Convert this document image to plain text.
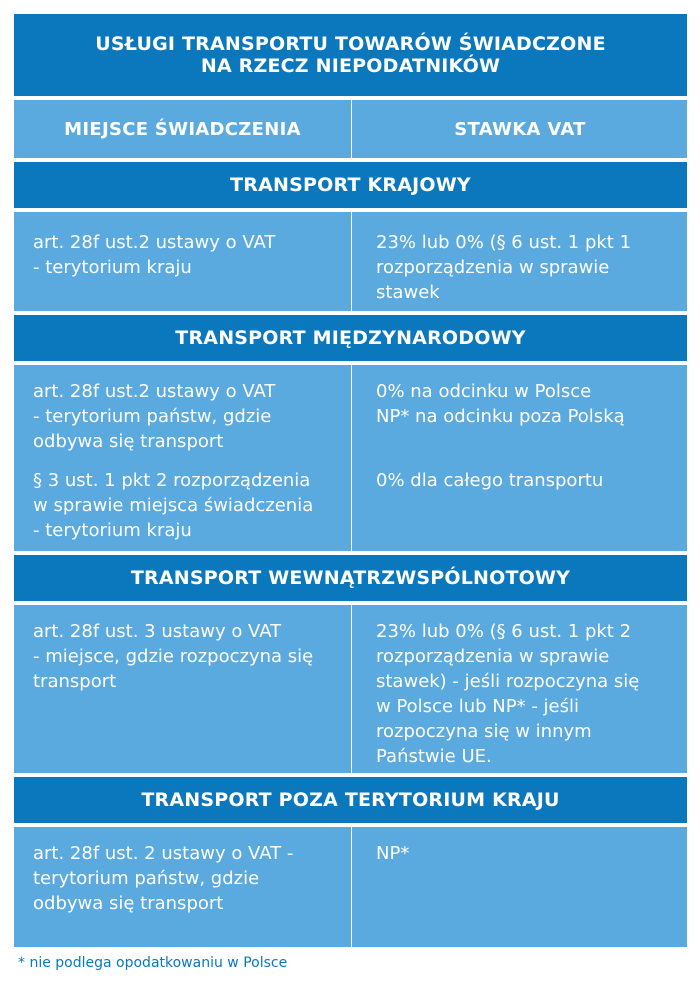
USŁUGI TRANSPORTU TOWARÓW ŚWIADCZONE
NA RZECZ NIEPODATNIKÓW
MIEJSCE ŚWIADCZENIA	STAWKA VAT
TRANSPORT KRAJOWY
art. 28f ust.2 ustawy o VAT
- terytorium kraju
23% lub 0% (§ 6 ust. 1 pkt 1
rozporządzenia w sprawie
stawek
TRANSPORT MIĘDZYNARODOWY
art. 28f ust.2 ustawy o VAT
- terytorium państw, gdzie
odbywa się transport
§ 3 ust. 1 pkt 2 rozporządzenia
w sprawie miejsca świadczenia
- terytorium kraju
0% na odcinku w Polsce
NP* na odcinku poza Polską
0% dla całego transportu
TRANSPORT WEWNĄTRZWSPÓLNOTOWY
art. 28f ust. 3 ustawy o VAT
- miejsce, gdzie rozpoczyna się
transport
23% lub 0% (§ 6 ust. 1 pkt 2
rozporządzenia w sprawie
stawek) - jeśli rozpoczyna się
w Polsce lub NP* - jeśli
rozpoczyna się w innym
Państwie UE.
TRANSPORT POZA TERYTORIUM KRAJU
art. 28f ust. 2 ustawy o VAT -
terytorium państw, gdzie
odbywa się transport
NP*
* nie podlega opodatkowaniu w Polsce
